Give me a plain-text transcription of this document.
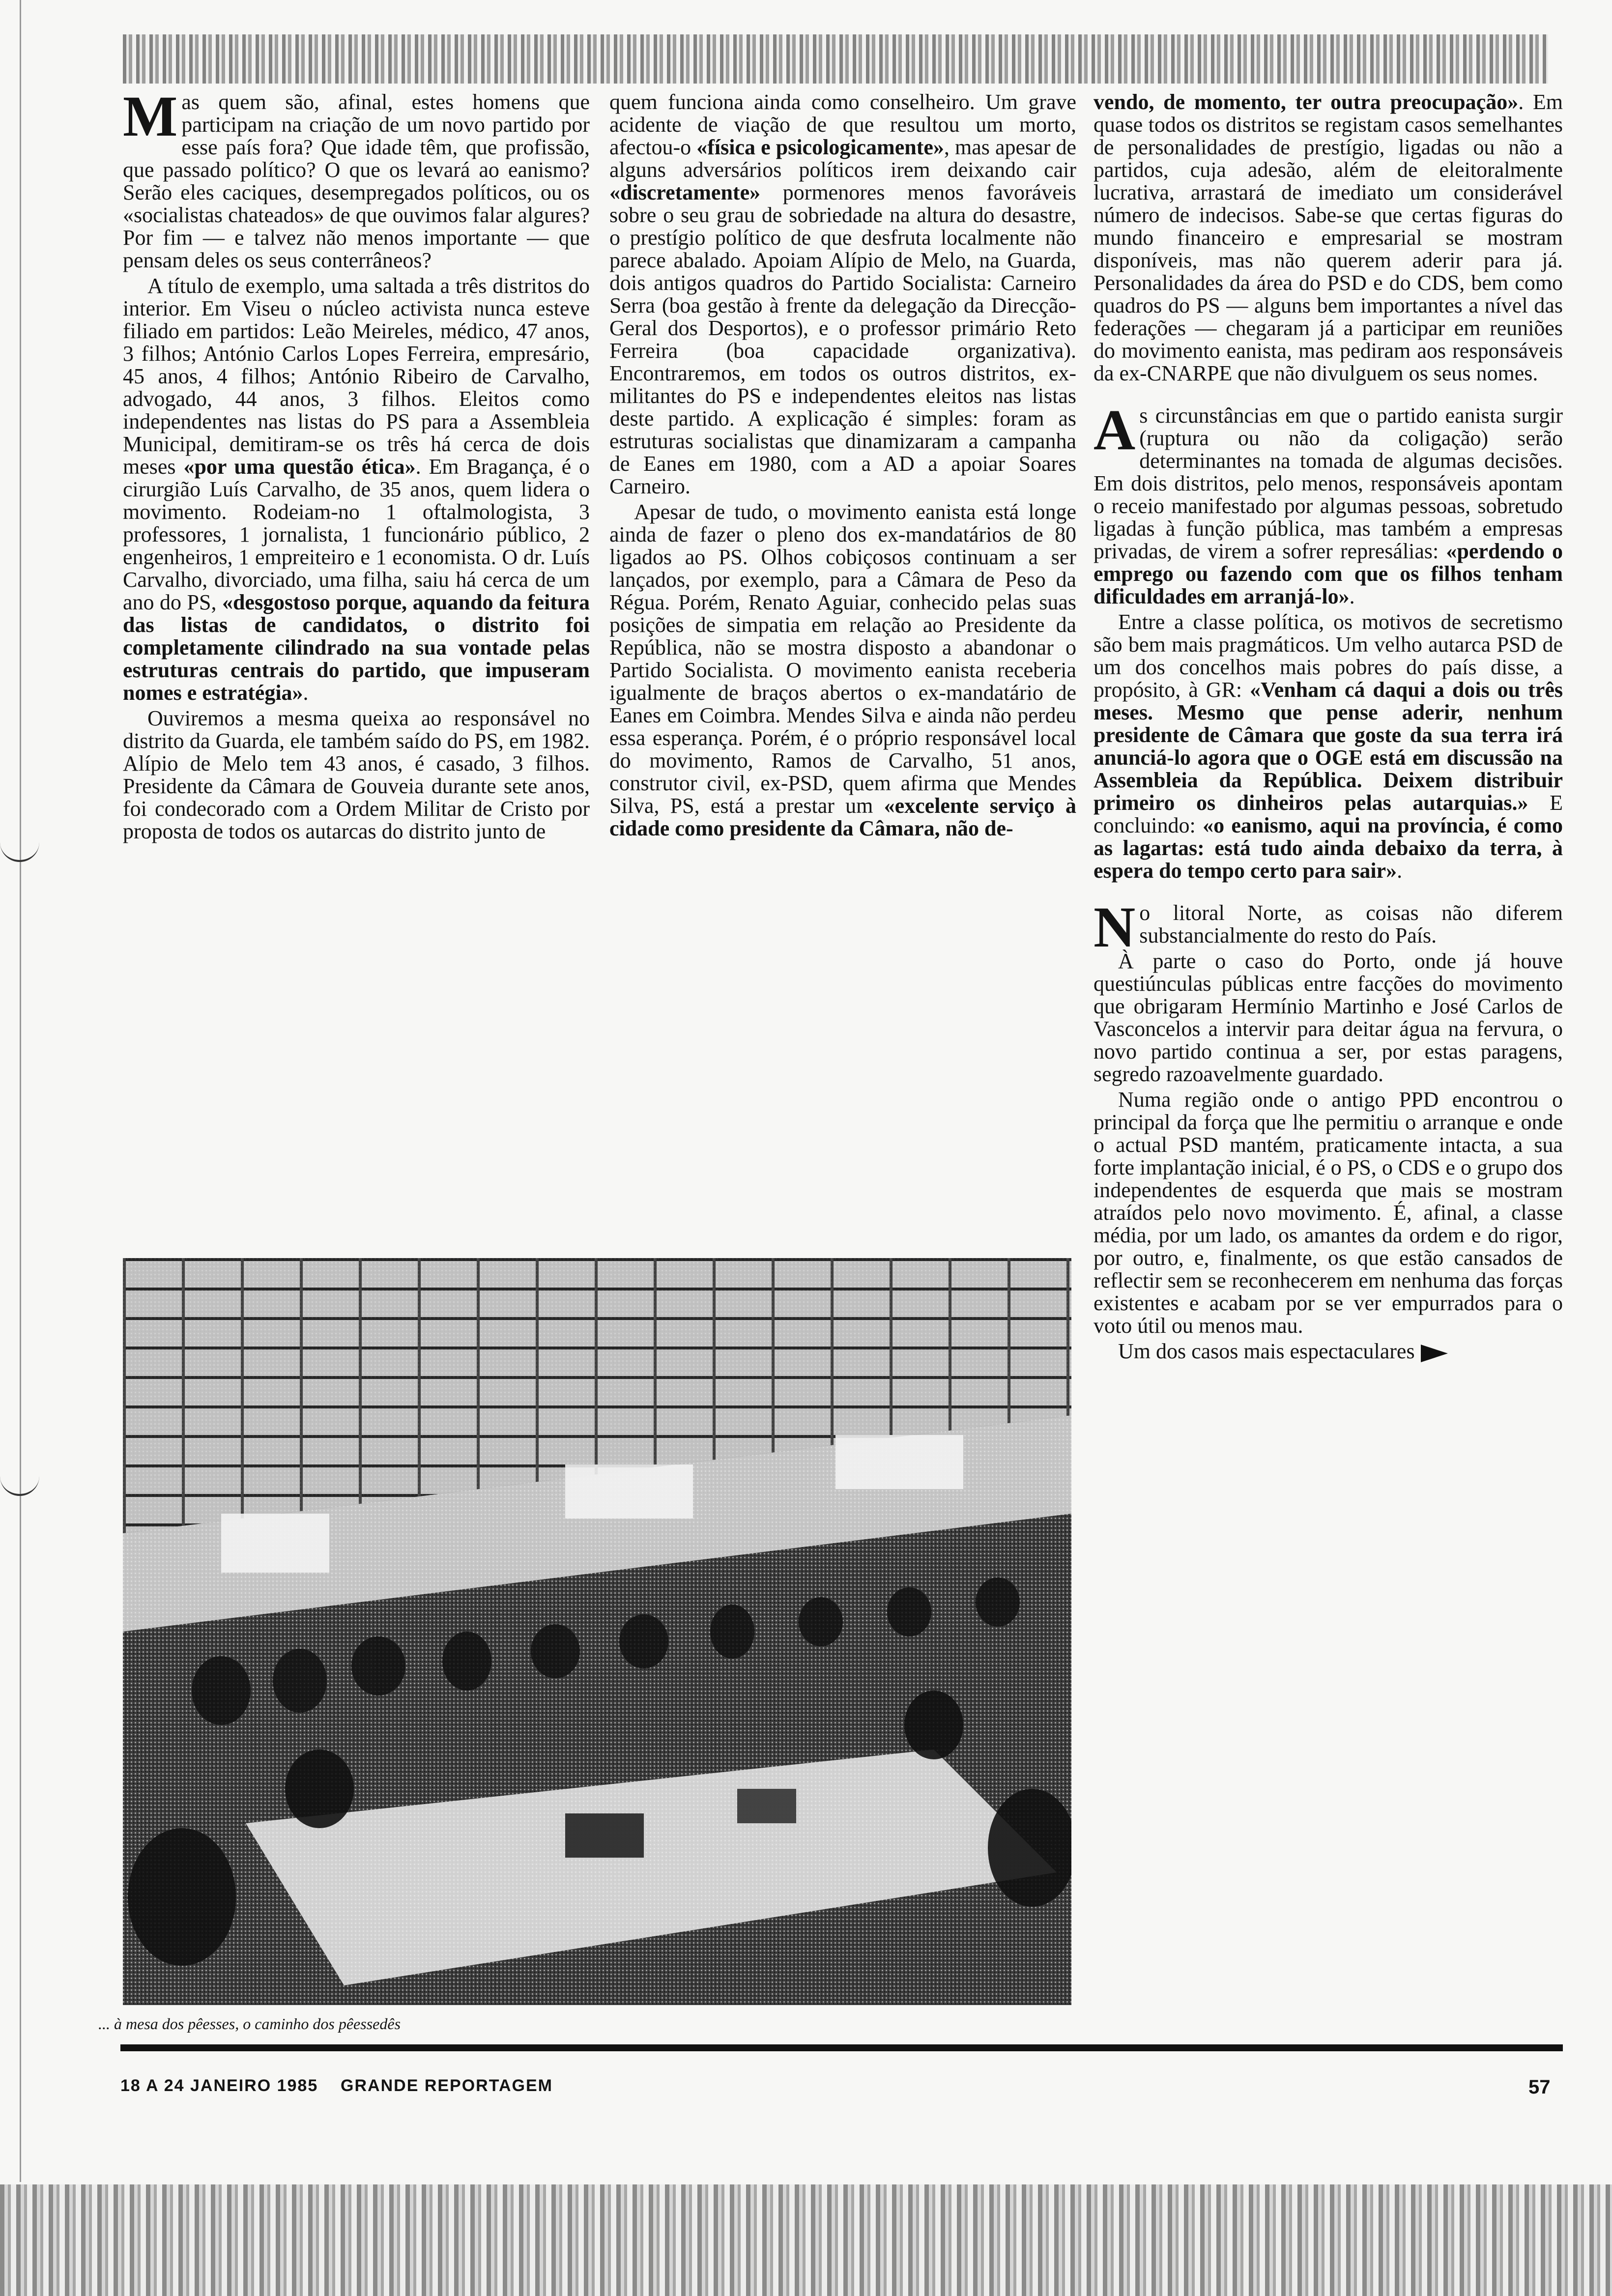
Mas quem são, afinal, estes homens que participam na criação de um novo partido por esse país fora? Que idade têm, que profissão, que passado político? O que os levará ao eanismo? Serão eles caciques, desempregados políticos, ou os «socialistas chateados» de que ouvimos falar algures? Por fim — e talvez não menos importante — que pensam deles os seus conterrâneos?

A título de exemplo, uma saltada a três distritos do interior. Em Viseu o núcleo activista nunca esteve filiado em partidos: Leão Meireles, médico, 47 anos, 3 filhos; António Carlos Lopes Ferreira, empresário, 45 anos, 4 filhos; António Ribeiro de Carvalho, advogado, 44 anos, 3 filhos. Eleitos como independentes nas listas do PS para a Assembleia Municipal, demitiram-se os três há cerca de dois meses «por uma questão ética». Em Bragança, é o cirurgião Luís Carvalho, de 35 anos, quem lidera o movimento. Rodeiam-no 1 oftalmologista, 3 professores, 1 jornalista, 1 funcionário público, 2 engenheiros, 1 empreiteiro e 1 economista. O dr. Luís Carvalho, divorciado, uma filha, saiu há cerca de um ano do PS, «desgostoso porque, aquando da feitura das listas de candidatos, o distrito foi completamente cilindrado na sua vontade pelas estruturas centrais do partido, que impuseram nomes e estratégia».

Ouviremos a mesma queixa ao responsável no distrito da Guarda, ele também saído do PS, em 1982. Alípio de Melo tem 43 anos, é casado, 3 filhos. Presidente da Câmara de Gouveia durante sete anos, foi condecorado com a Ordem Militar de Cristo por proposta de todos os autarcas do distrito junto de

quem funciona ainda como conselheiro. Um grave acidente de viação de que resultou um morto, afectou-o «física e psicologicamente», mas apesar de alguns adversários políticos irem deixando cair «discretamente» pormenores menos favoráveis sobre o seu grau de sobriedade na altura do desastre, o prestígio político de que desfruta localmente não parece abalado. Apoiam Alípio de Melo, na Guarda, dois antigos quadros do Partido Socialista: Carneiro Serra (boa gestão à frente da delegação da Direcção-Geral dos Desportos), e o professor primário Reto Ferreira (boa capacidade organizativa). Encontraremos, em todos os outros distritos, ex-militantes do PS e independentes eleitos nas listas deste partido. A explicação é simples: foram as estruturas socialistas que dinamizaram a campanha de Eanes em 1980, com a AD a apoiar Soares Carneiro.

Apesar de tudo, o movimento eanista está longe ainda de fazer o pleno dos ex-mandatários de 80 ligados ao PS. Olhos cobiçosos continuam a ser lançados, por exemplo, para a Câmara de Peso da Régua. Porém, Renato Aguiar, conhecido pelas suas posições de simpatia em relação ao Presidente da República, não se mostra disposto a abandonar o Partido Socialista. O movimento eanista receberia igualmente de braços abertos o ex-mandatário de Eanes em Coimbra. Mendes Silva e ainda não perdeu essa esperança. Porém, é o próprio responsável local do movimento, Ramos de Carvalho, 51 anos, construtor civil, ex-PSD, quem afirma que Mendes Silva, PS, está a prestar um «excelente serviço à cidade como presidente da Câmara, não de-

vendo, de momento, ter outra preocupação». Em quase todos os distritos se registam casos semelhantes de personalidades de prestígio, ligadas ou não a partidos, cuja adesão, além de eleitoralmente lucrativa, arrastará de imediato um considerável número de indecisos. Sabe-se que certas figuras do mundo financeiro e empresarial se mostram disponíveis, mas não querem aderir para já. Personalidades da área do PSD e do CDS, bem como quadros do PS — alguns bem importantes a nível das federações — chegaram já a participar em reuniões do movimento eanista, mas pediram aos responsáveis da ex-CNARPE que não divulguem os seus nomes.

As circunstâncias em que o partido eanista surgir (ruptura ou não da coligação) serão determinantes na tomada de algumas decisões. Em dois distritos, pelo menos, responsáveis apontam o receio manifestado por algumas pessoas, sobretudo ligadas à função pública, mas também a empresas privadas, de virem a sofrer represálias: «perdendo o emprego ou fazendo com que os filhos tenham dificuldades em arranjá-lo».

Entre a classe política, os motivos de secretismo são bem mais pragmáticos. Um velho autarca PSD de um dos concelhos mais pobres do país disse, a propósito, à GR: «Venham cá daqui a dois ou três meses. Mesmo que pense aderir, nenhum presidente de Câmara que goste da sua terra irá anunciá-lo agora que o OGE está em discussão na Assembleia da República. Deixem distribuir primeiro os dinheiros pelas autarquias.» E concluindo: «o eanismo, aqui na província, é como as lagartas: está tudo ainda debaixo da terra, à espera do tempo certo para sair».

No litoral Norte, as coisas não diferem substancialmente do resto do País.

À parte o caso do Porto, onde já houve questiúnculas públicas entre facções do movimento que obrigaram Hermínio Martinho e José Carlos de Vasconcelos a intervir para deitar água na fervura, o novo partido continua a ser, por estas paragens, segredo razoavelmente guardado.

Numa região onde o antigo PPD encontrou o principal da força que lhe permitiu o arranque e onde o actual PSD mantém, praticamente intacta, a sua forte implantação inicial, é o PS, o CDS e o grupo dos independentes de esquerda que mais se mostram atraídos pelo novo movimento. É, afinal, a classe média, por um lado, os amantes da ordem e do rigor, por outro, e, finalmente, os que estão cansados de reflectir sem se reconhecerem em nenhuma das forças existentes e acabam por se ver empurrados para o voto útil ou menos mau.

Um dos casos mais espectaculares

... à mesa dos pêesses, o caminho dos pêessedês
18 A 24 JANEIRO 1985 GRANDE REPORTAGEM	57
